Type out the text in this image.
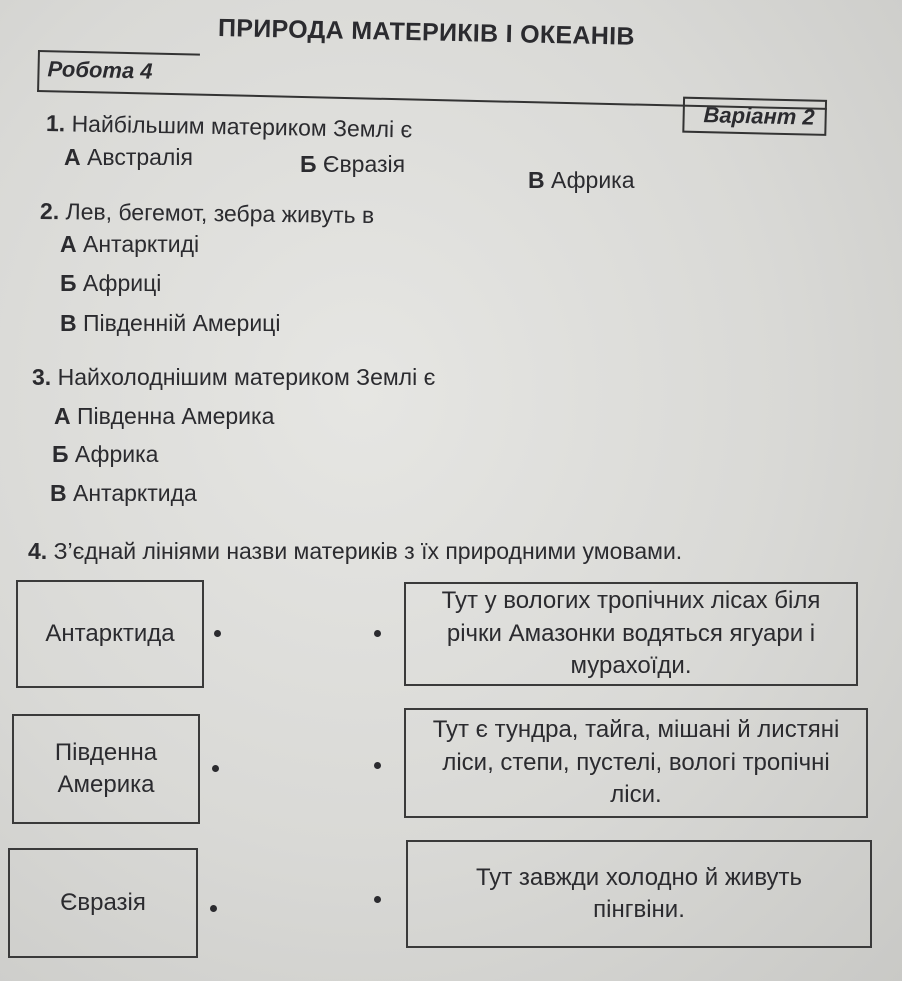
ПРИРОДА МАТЕРИКІВ І ОКЕАНІВ
Робота 4
Варіант 2
1. Найбільшим материком Землі є
А Австралія	Б Євразія
В Африка
2. Лев, бегемот, зебра живуть в
А Антарктиді
Б Африці
В Південній Америці
3. Найхолоднішим материком Землі є
А Південна Америка
Б Африка
В Антарктида
4. З’єднай лініями назви материків з їх природними умовами.
Антарктида
Південна Америка
Євразія
Тут у вологих тропічних лісах біля річки Амазонки водяться ягуари і мурахоїди.
Тут є тундра, тайга, мішані й листяні ліси, степи, пустелі, вологі тропічні ліси.
Тут завжди холодно й живуть пінгвіни.
